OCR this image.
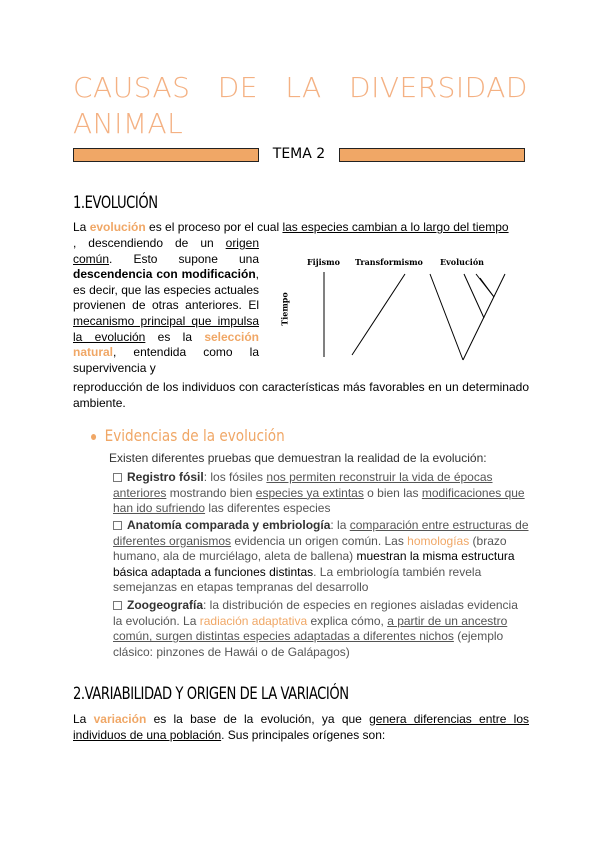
CAUSAS DE LA DIVERSIDAD
ANIMAL
TEMA 2
1.EVOLUCIÓN
La evolución es el proceso por el cual las especies cambian a lo largo del tiempo
, descendiendo de un origen común. Esto supone una descendencia con modificación, es decir, que las especies actuales provienen de otras anteriores. El mecanismo principal que impulsa la evolución es la selección natural, entendida como la supervivencia y
Fijismo Transformismo Evolución
Tiempo
Evidencias de la evolución
Existen diferentes pruebas que demuestran la realidad de la evolución:
Registro fósil: los fósiles nos permiten reconstruir la vida de épocas anteriores mostrando bien especies ya extintas o bien las modificaciones que han ido sufriendo las diferentes especies
Anatomía comparada y embriología: la comparación entre estructuras de diferentes organismos evidencia un origen común. Las homologías (brazo humano, ala de murciélago, aleta de ballena) muestran la misma estructura básica adaptada a funciones distintas. La embriología también revela semejanzas en etapas tempranas del desarrollo
Zoogeografía: la distribución de especies en regiones aisladas evidencia la evolución. La radiación adaptativa explica cómo, a partir de un ancestro común, surgen distintas especies adaptadas a diferentes nichos (ejemplo clásico: pinzones de Hawái o de Galápagos)
2.VARIABILIDAD Y ORIGEN DE LA VARIACIÓN
La variación es la base de la evolución, ya que genera diferencias entre los individuos de una población. Sus principales orígenes son:
reproducción de los individuos con características más favorables en un determinado ambiente.
